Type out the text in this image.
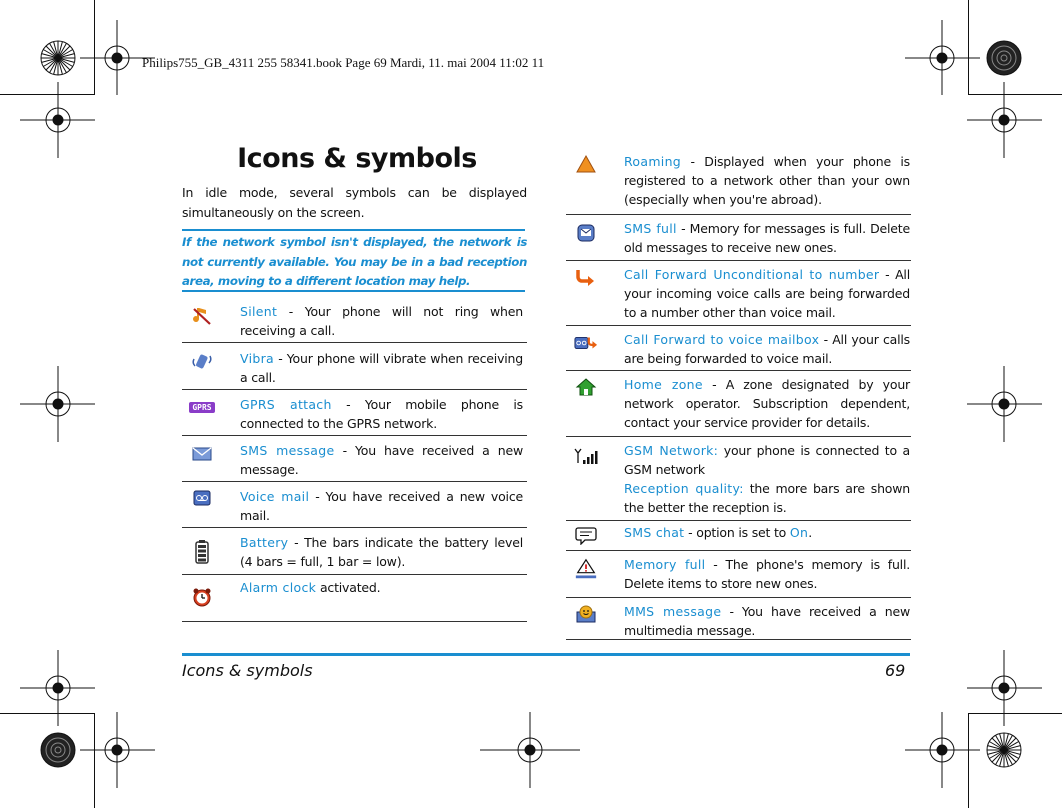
Philips755_GB_4311 255 58341.book Page 69 Mardi, 11. mai 2004 11:02 11
Icons & symbols
In idle mode, several symbols can be displayed simultaneously on the screen.
If the network symbol isn't displayed, the network is not currently available. You may be in a bad reception area, moving to a different location may help.
Silent - Your phone will not ring when receiving a call.
Vibra - Your phone will vibrate when receiving a call.
GPRS GPRS attach - Your mobile phone is connected to the GPRS network.
SMS message - You have received a new message.
Voice mail - You have received a new voice mail.
Battery - The bars indicate the battery level (4 bars = full, 1 bar = low).
Alarm clock activated.
Roaming - Displayed when your phone is registered to a network other than your own (especially when you're abroad).
SMS full - Memory for messages is full. Delete old messages to receive new ones.
Call Forward Unconditional to number - All your incoming voice calls are being forwarded to a number other than voice mail.
Call Forward to voice mailbox - All your calls are being forwarded to voice mail.
Home zone - A zone designated by your network operator. Subscription dependent, contact your service provider for details.
GSM Network: your phone is connected to a GSM network
Reception quality: the more bars are shown the better the reception is.
SMS chat - option is set to On.
Memory full - The phone's memory is full. Delete items to store new ones.
MMS message - You have received a new multimedia message.
Icons & symbols	69
